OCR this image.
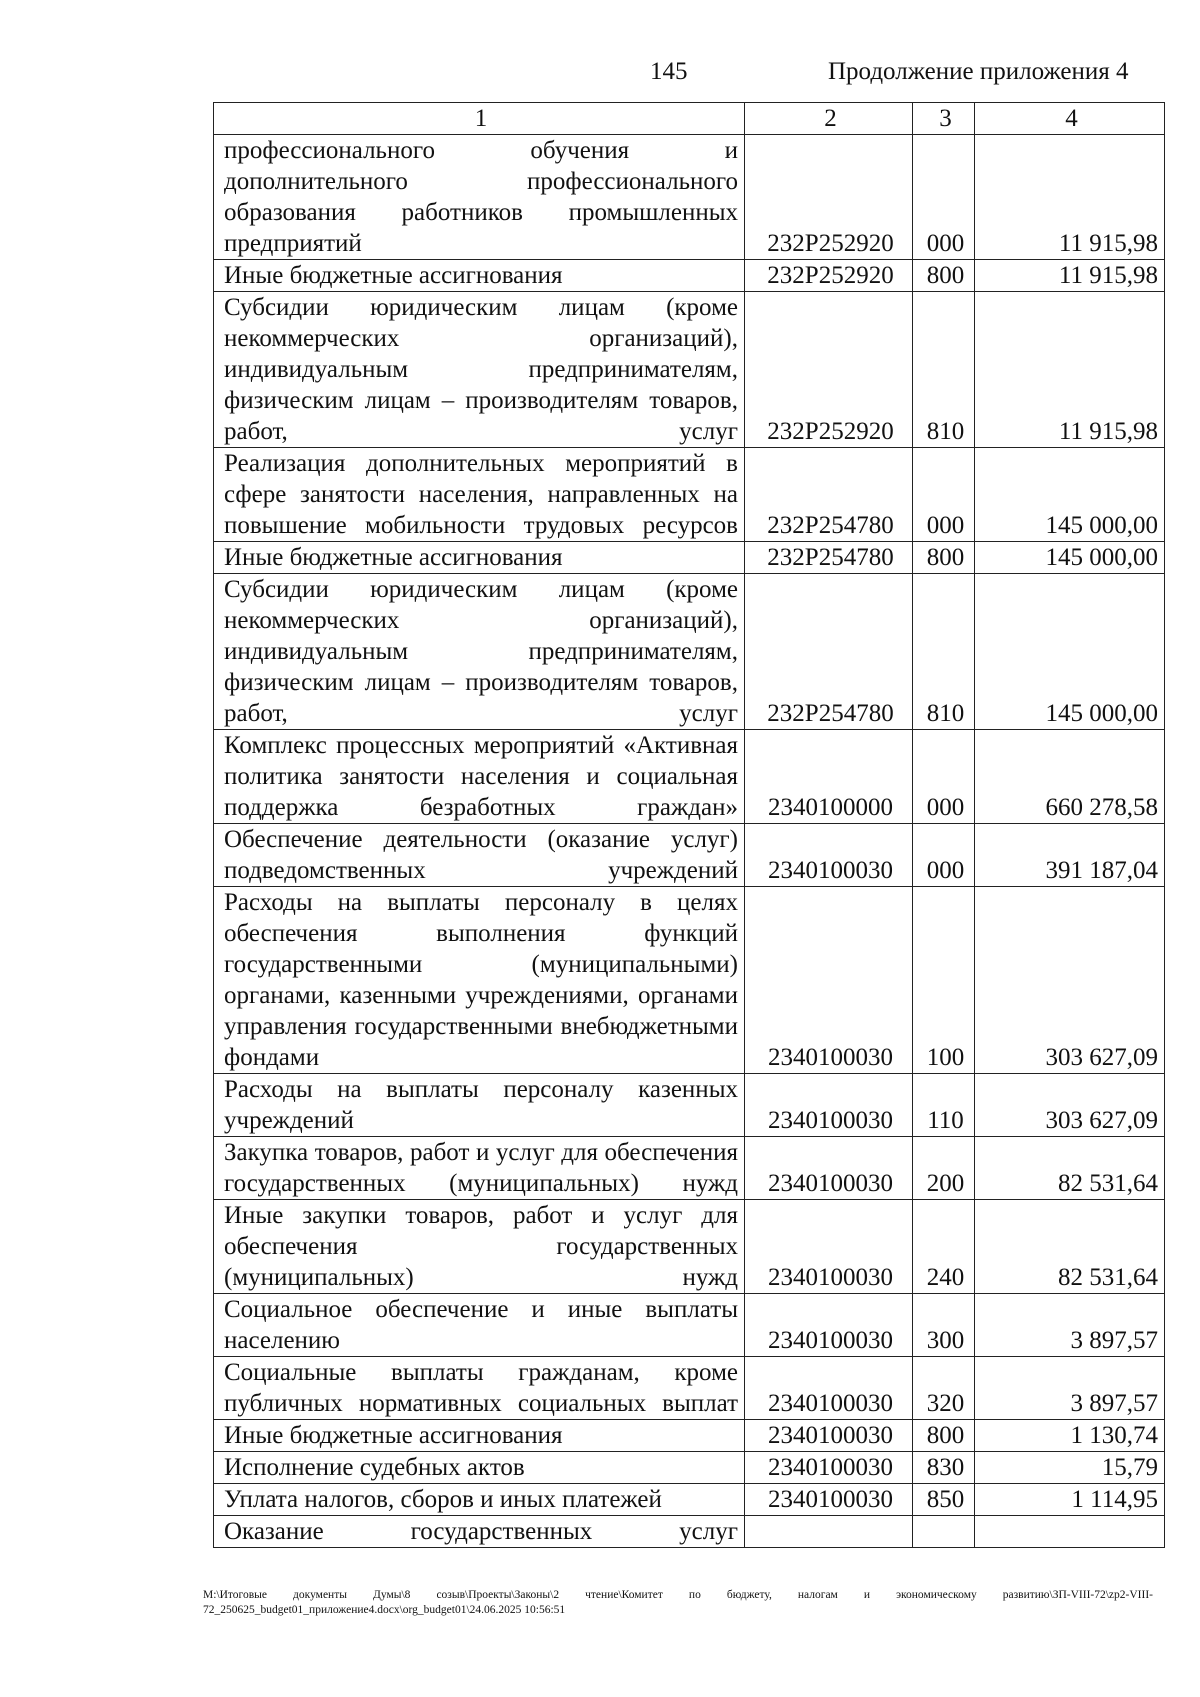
145	Продолжение приложения 4
1	2	3	4
профессионального обучения и дополнительного профессионального образования работников промышленных предприятий	232Р252920	000	11 915,98
Иные бюджетные ассигнования	232Р252920	800	11 915,98
Субсидии юридическим лицам (кроме некоммерческих организаций), индивидуальным предпринимателям, физическим лицам – производителям товаров, работ, услуг	232Р252920	810	11 915,98
Реализация дополнительных мероприятий в сфере занятости населения, направленных на повышение мобильности трудовых ресурсов	232Р254780	000	145 000,00
Иные бюджетные ассигнования	232Р254780	800	145 000,00
Субсидии юридическим лицам (кроме некоммерческих организаций), индивидуальным предпринимателям, физическим лицам – производителям товаров, работ, услуг	232Р254780	810	145 000,00
Комплекс процессных мероприятий «Активная политика занятости населения и социальная поддержка безработных граждан»	2340100000	000	660 278,58
Обеспечение деятельности (оказание услуг) подведомственных учреждений	2340100030	000	391 187,04
Расходы на выплаты персоналу в целях обеспечения выполнения функций государственными (муниципальными) органами, казенными учреждениями, органами управления государственными внебюджетными фондами	2340100030	100	303 627,09
Расходы на выплаты персоналу казенных учреждений	2340100030	110	303 627,09
Закупка товаров, работ и услуг для обеспечения государственных (муниципальных) нужд	2340100030	200	82 531,64
Иные закупки товаров, работ и услуг для обеспечения государственных (муниципальных) нужд	2340100030	240	82 531,64
Социальное обеспечение и иные выплаты населению	2340100030	300	3 897,57
Социальные выплаты гражданам, кроме публичных нормативных социальных выплат	2340100030	320	3 897,57
Иные бюджетные ассигнования	2340100030	800	1 130,74
Исполнение судебных актов	2340100030	830	15,79
Уплата налогов, сборов и иных платежей	2340100030	850	1 114,95
Оказание государственных услуг			
M:\Итоговые документы Думы\8 созыв\Проекты\Законы\2 чтение\Комитет по бюджету, налогам и экономическому развитию\ЗП-VIII-72\zp2-VIII-72_250625_budget01_приложение4.docx\org_budget01\24.06.2025 10:56:51
